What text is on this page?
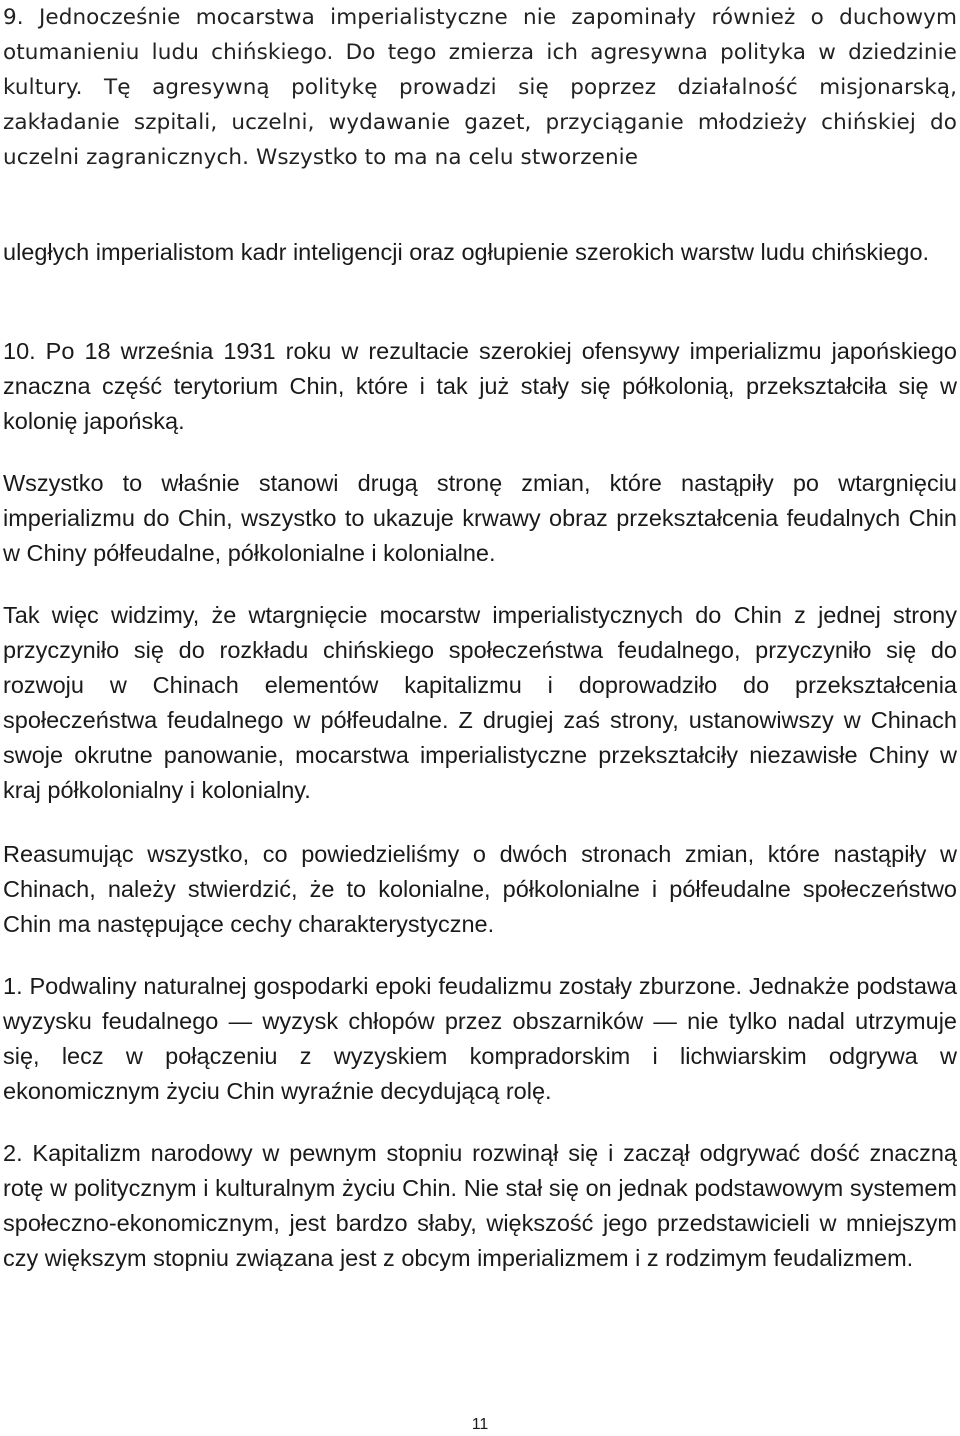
9. Jednocześnie mocarstwa imperialistyczne nie zapominały również o duchowym otumanieniu ludu chińskiego. Do tego zmierza ich agresywna polityka w dziedzinie kultury. Tę agresywną politykę prowadzi się poprzez działalność misjonarską, zakładanie szpitali, uczelni, wydawanie gazet, przyciąganie młodzieży chińskiej do uczelni zagranicznych. Wszystko to ma na celu stworzenie

uległych imperialistom kadr inteligencji oraz ogłupienie szerokich warstw ludu chińskiego.

10. Po 18 września 1931 roku w rezultacie szerokiej ofensywy imperializmu japońskiego znaczna część terytorium Chin, które i tak już stały się półkolonią, przekształciła się w kolonię japońską.

Wszystko to właśnie stanowi drugą stronę zmian, które nastąpiły po wtargnięciu imperializmu do Chin, wszystko to ukazuje krwawy obraz przekształcenia feudalnych Chin w Chiny półfeudalne, półkolonialne i kolonialne.

Tak więc widzimy, że wtargnięcie mocarstw imperialistycznych do Chin z jednej strony przyczyniło się do rozkładu chińskiego społeczeństwa feudalnego, przyczyniło się do rozwoju w Chinach elementów kapitalizmu i doprowadziło do przekształcenia społeczeństwa feudalnego w półfeudalne. Z drugiej zaś strony, ustanowiwszy w Chinach swoje okrutne panowanie, mocarstwa imperialistyczne przekształciły niezawisłe Chiny w kraj półkolonialny i kolonialny.

Reasumując wszystko, co powiedzieliśmy o dwóch stronach zmian, które nastąpiły w Chinach, należy stwierdzić, że to kolonialne, półkolonialne i półfeudalne społeczeństwo Chin ma następujące cechy charakterystyczne.

1. Podwaliny naturalnej gospodarki epoki feudalizmu zostały zburzone. Jednakże podstawa wyzysku feudalnego — wyzysk chłopów przez obszarników — nie tylko nadal utrzymuje się, lecz w połączeniu z wyzyskiem kompradorskim i lichwiarskim odgrywa w ekonomicznym życiu Chin wyraźnie decydującą rolę.

2. Kapitalizm narodowy w pewnym stopniu rozwinął się i zaczął odgrywać dość znaczną rotę w politycznym i kulturalnym życiu Chin. Nie stał się on jednak podstawowym systemem społeczno-ekonomicznym, jest bardzo słaby, większość jego przedstawicieli w mniejszym czy większym stopniu związana jest z obcym imperializmem i z rodzimym feudalizmem.

11
